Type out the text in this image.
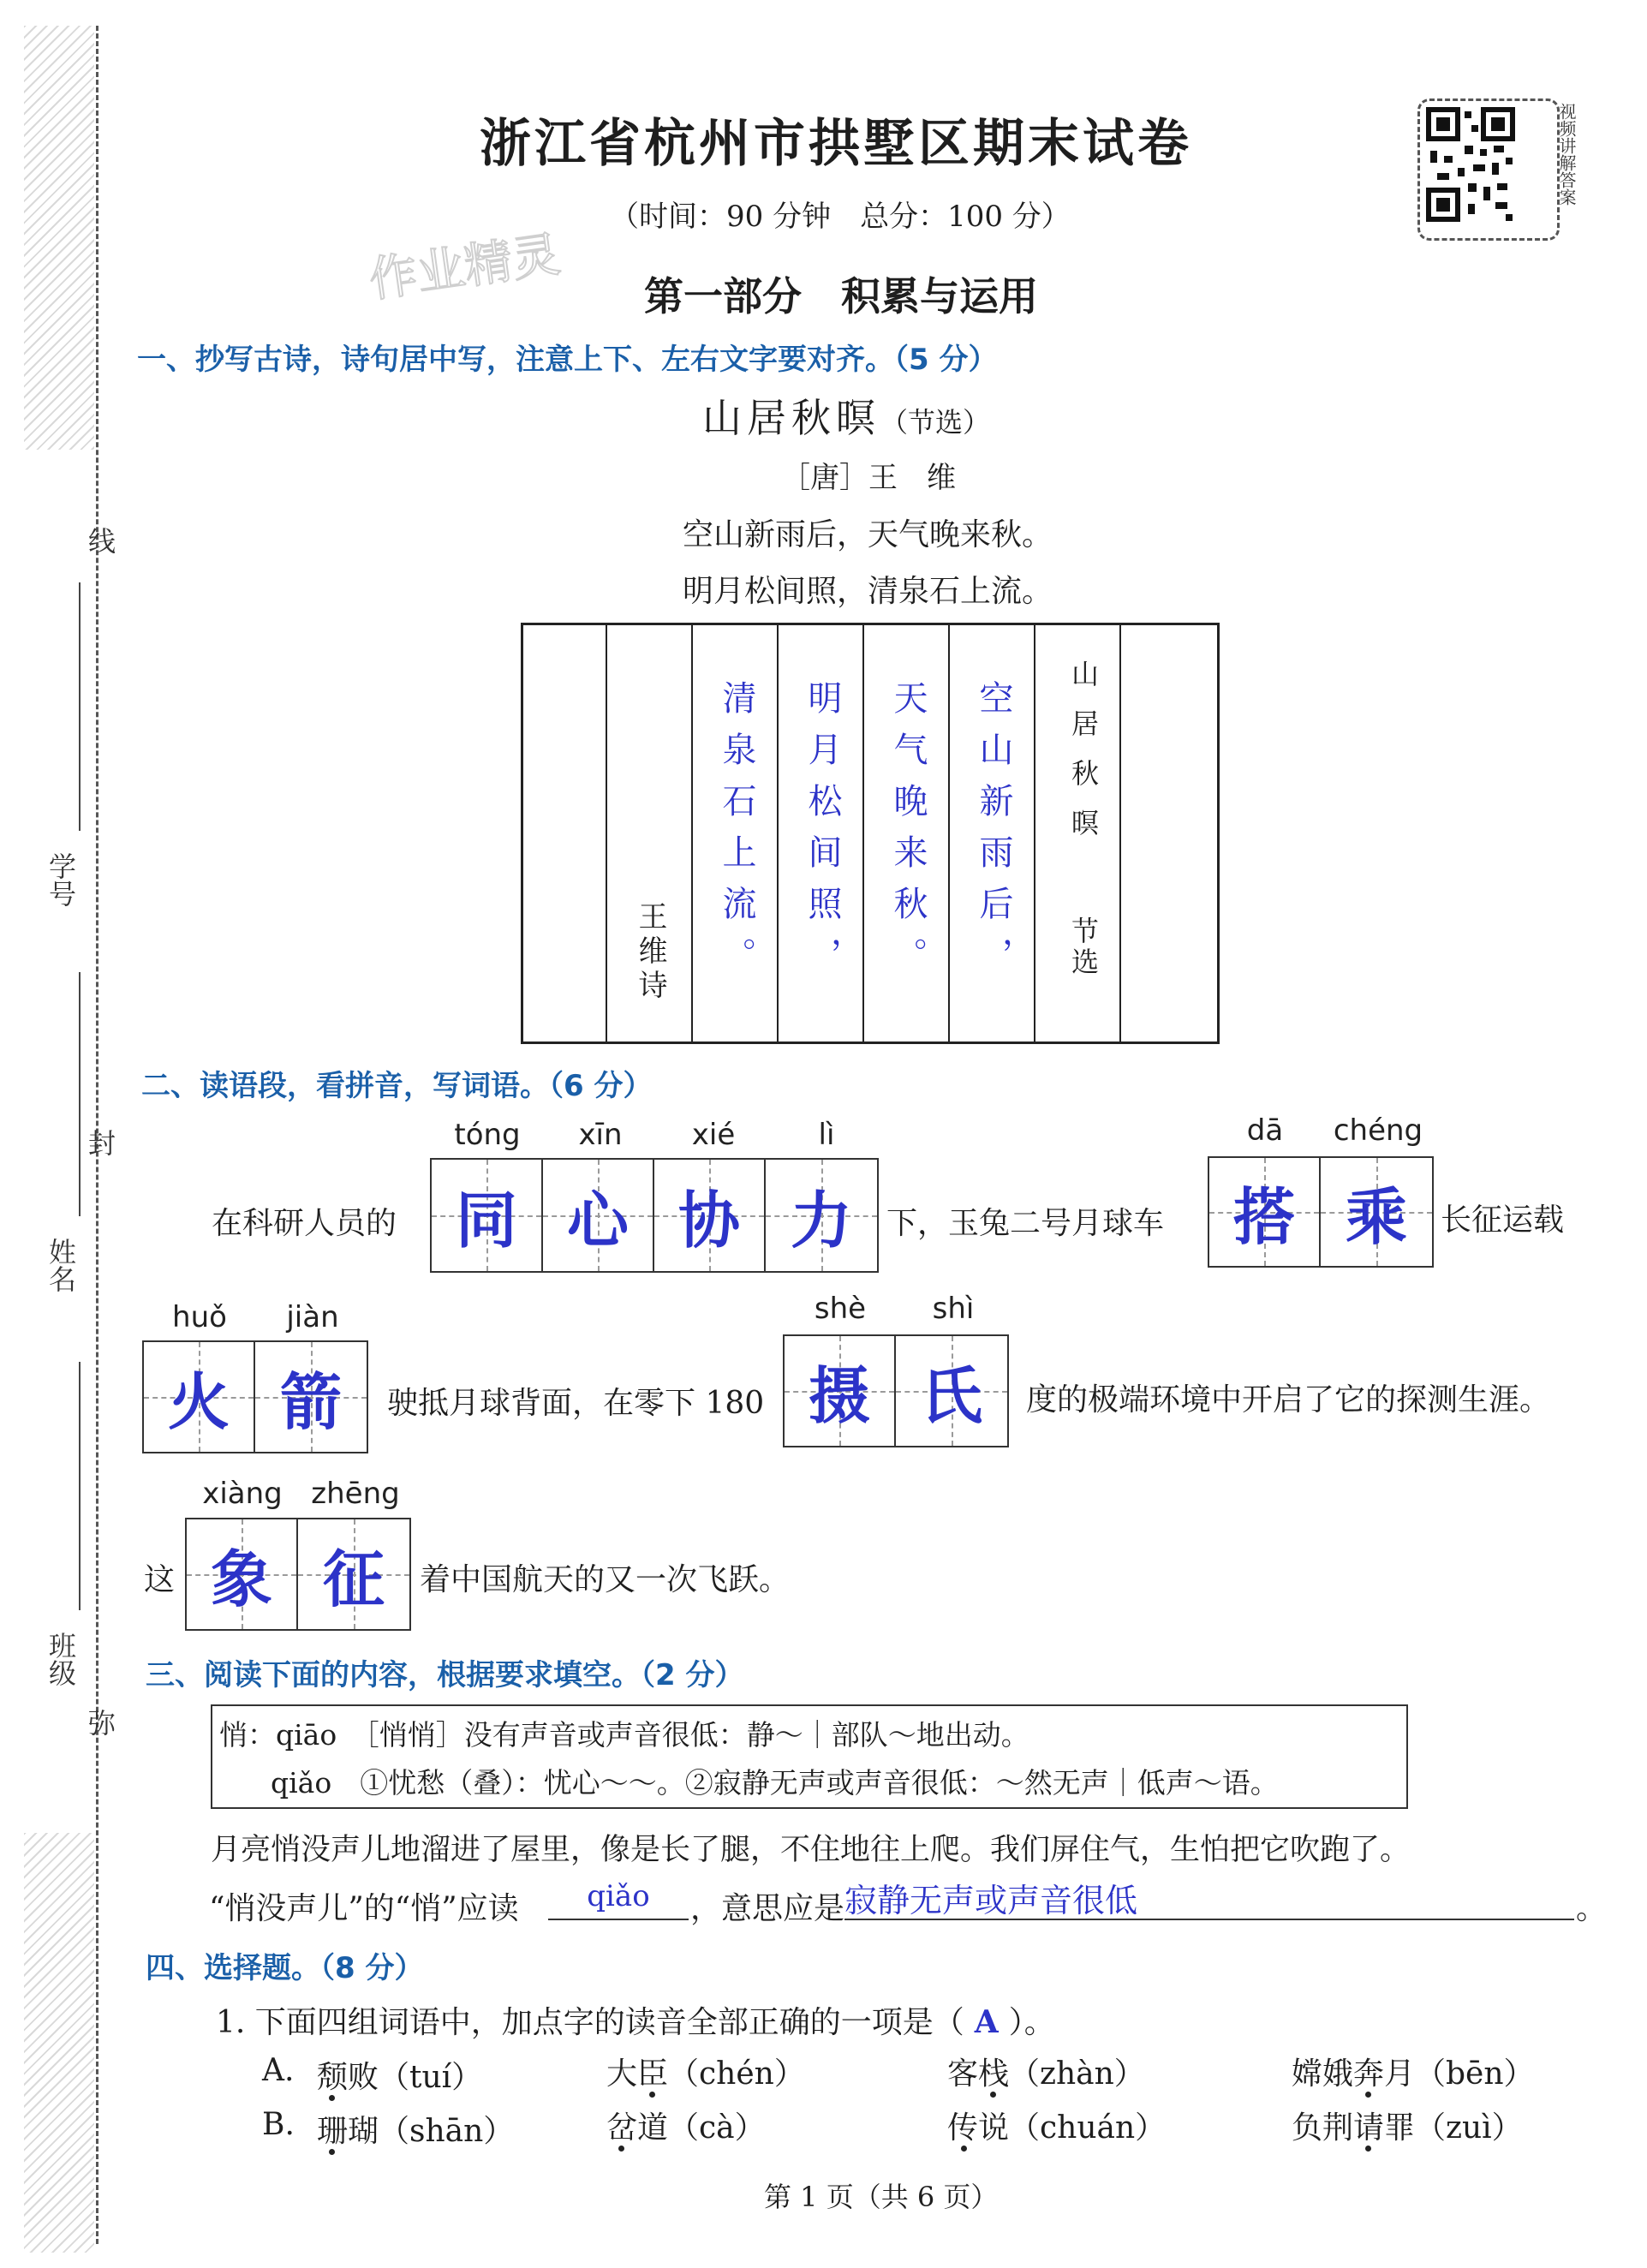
线
封
弥
学号
姓名
班级
浙江省杭州市拱墅区期末试卷
（时间：90 分钟　总分：100 分）
作业精灵
视频讲解答案
第一部分　积累与运用
一、抄写古诗，诗句居中写，注意上下、左右文字要对齐。（5 分）
山居秋暝（节选）
［唐］王　维
空山新雨后，天气晚来秋。
明月松间照，清泉石上流。
王维诗 清泉石上流。 明月松间照， 天气晚来秋。 空山新雨后， 山居秋暝
节选
二、读语段，看拼音，写词语。（6 分）
tóng	xīn	xié	lì
在科研人员的 同 心 协 力 下，玉兔二号月球车
dā	chéng
搭 乘 长征运载
huǒ	jiàn
火 箭 驶抵月球背面，在零下 180
shè	shì
摄 氏 度的极端环境中开启了它的探测生涯。
xiàng zhēng
这 象 征 着中国航天的又一次飞跃。
三、阅读下面的内容，根据要求填空。（2 分）
悄：qiāo　［悄悄］没有声音或声音很低：静～｜部队～地出动。
qiǎo　①忧愁（叠）：忧心～～。②寂静无声或声音很低：～然无声｜低声～语。
月亮悄没声儿地溜进了屋里，像是长了腿，不住地往上爬。我们屏住气，生怕把它吹跑了。
“悄没声儿”的“悄”应读	qiǎo	，意思应是 寂静无声或声音很低	。
四、选择题。（8 分）
1. 下面四组词语中，加点字的读音全部正确的一项是（ A ）。
A. 颓败（tuí）	大臣（chén）	客栈（zhàn）	嫦娥奔月（bēn）
B. 珊瑚（shān）	岔道（cà）	传说（chuán）	负荆请罪（zuì）
第 1 页（共 6 页）
